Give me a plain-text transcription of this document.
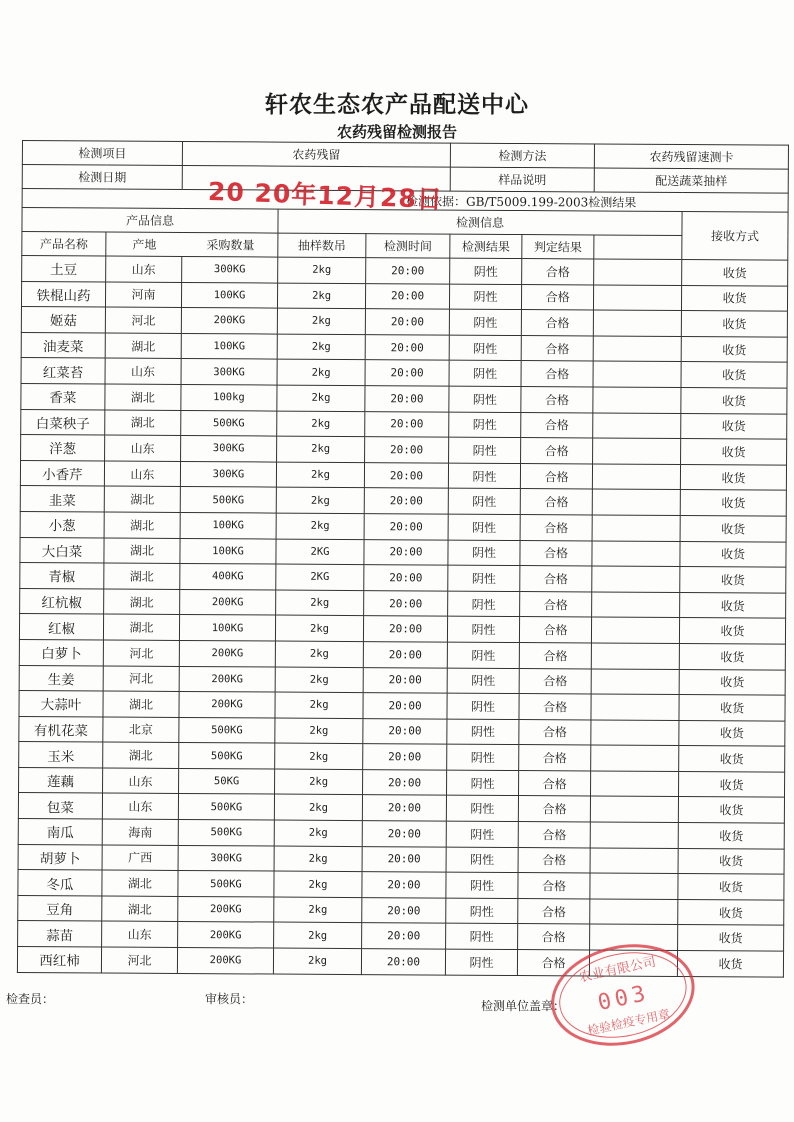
轩农生态农产品配送中心
农药残留检测报告
检测项目		农药残留			检测方法		农药残留速测卡	
检测日期					样品说明		配送蔬菜抽样	
检测依据：GB/T5009.199-2003检测结果								
产品信息			检测信息					接收方式
产品名称	产地 采购数量		抽样数吊	检测时间	检测结果	判定结果		
土豆	山东	300KG	2kg	20:00	阴性	合格		收货
铁棍山药	河南	100KG	2kg	20:00	阴性	合格		收货
姬菇	河北	200KG	2kg	20:00	阴性	合格		收货
油麦菜	湖北	100KG	2kg	20:00	阴性	合格		收货
红菜苔	山东	300KG	2kg	20:00	阴性	合格		收货
香菜	湖北	100kg	2kg	20:00	阴性	合格		收货
白菜秧子	湖北	500KG	2kg	20:00	阴性	合格		收货
洋葱	山东	300KG	2kg	20:00	阴性	合格		收货
小香芹	山东	300KG	2kg	20:00	阴性	合格		收货
韭菜	湖北	500KG	2kg	20:00	阴性	合格		收货
小葱	湖北	100KG	2kg	20:00	阴性	合格		收货
大白菜	湖北	100KG	2KG	20:00	阴性	合格		收货
青椒	湖北	400KG	2KG	20:00	阴性	合格		收货
红杭椒	湖北	200KG	2kg	20:00	阴性	合格		收货
红椒	湖北	100KG	2kg	20:00	阴性	合格		收货
白萝卜	河北	200KG	2kg	20:00	阴性	合格		收货
生姜	河北	200KG	2kg	20:00	阴性	合格		收货
大蒜叶	湖北	200KG	2kg	20:00	阴性	合格		收货
有机花菜	北京	500KG	2kg	20:00	阴性	合格		收货
玉米	湖北	500KG	2kg	20:00	阴性	合格		收货
莲藕	山东	50KG	2kg	20:00	阴性	合格		收货
包菜	山东	500KG	2kg	20:00	阴性	合格		收货
南瓜	海南	500KG	2kg	20:00	阴性	合格		收货
胡萝卜	广西	300KG	2kg	20:00	阴性	合格		收货
冬瓜	湖北	500KG	2kg	20:00	阴性	合格		收货
豆角	湖北	200KG	2kg	20:00	阴性	合格		收货
蒜苗	山东	200KG	2kg	20:00	阴性	合格		收货
西红柿	河北	200KG	2kg	20:00	阴性	合格		收货
20 20年12月28日
农业有限公司
003
检验检疫专用章
检查员：	审核员：	检测单位盖章：
